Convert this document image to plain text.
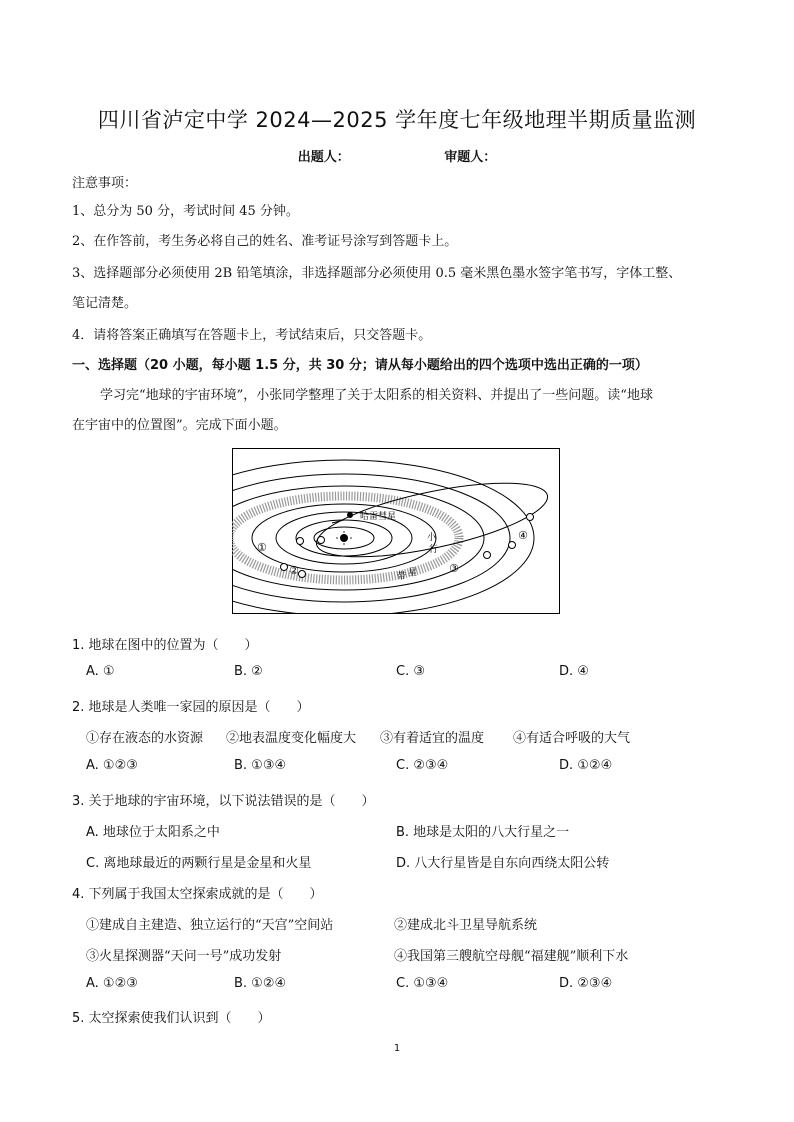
四川省泸定中学 2024—2025 学年度七年级地理半期质量监测
出题人：	审题人：
注意事项：
1、总分为 50 分，考试时间 45 分钟。
2、在作答前，考生务必将自己的姓名、准考证号涂写到答题卡上。
3、选择题部分必须使用 2B 铅笔填涂，非选择题部分必须使用 0.5 毫米黑色墨水签字笔书写，字体工整、
笔记清楚。
4．请将答案正确填写在答题卡上，考试结束后，只交答题卡。
一、选择题（20 小题，每小题 1.5 分，共 30 分；请从每小题给出的四个选项中选出正确的一项）
学习完“地球的宇宙环境”，小张同学整理了关于太阳系的相关资料、并提出了一些问题。读“地球
在宇宙中的位置图”。完成下面小题。
哈雷彗星
小
行
星
带
①
②	③
④
1. 地球在图中的位置为（　　）
A. ①	B. ②	C. ③	D. ④
2. 地球是人类唯一家园的原因是（　　）
①存在液态的水资源 ②地表温度变化幅度大 ③有着适宜的温度 ④有适合呼吸的大气
A. ①②③	B. ①③④	C. ②③④	D. ①②④
3. 关于地球的宇宙环境，以下说法错误的是（　　）
A. 地球位于太阳系之中	B. 地球是太阳的八大行星之一
C. 离地球最近的两颗行星是金星和火星	D. 八大行星皆是自东向西绕太阳公转
4. 下列属于我国太空探索成就的是（　　）
①建成自主建造、独立运行的“天宫”空间站	②建成北斗卫星导航系统
③火星探测器“天问一号”成功发射	④我国第三艘航空母舰“福建舰”顺利下水
A. ①②③	B. ①②④	C. ①③④	D. ②③④
5. 太空探索使我们认识到（　　）
1
